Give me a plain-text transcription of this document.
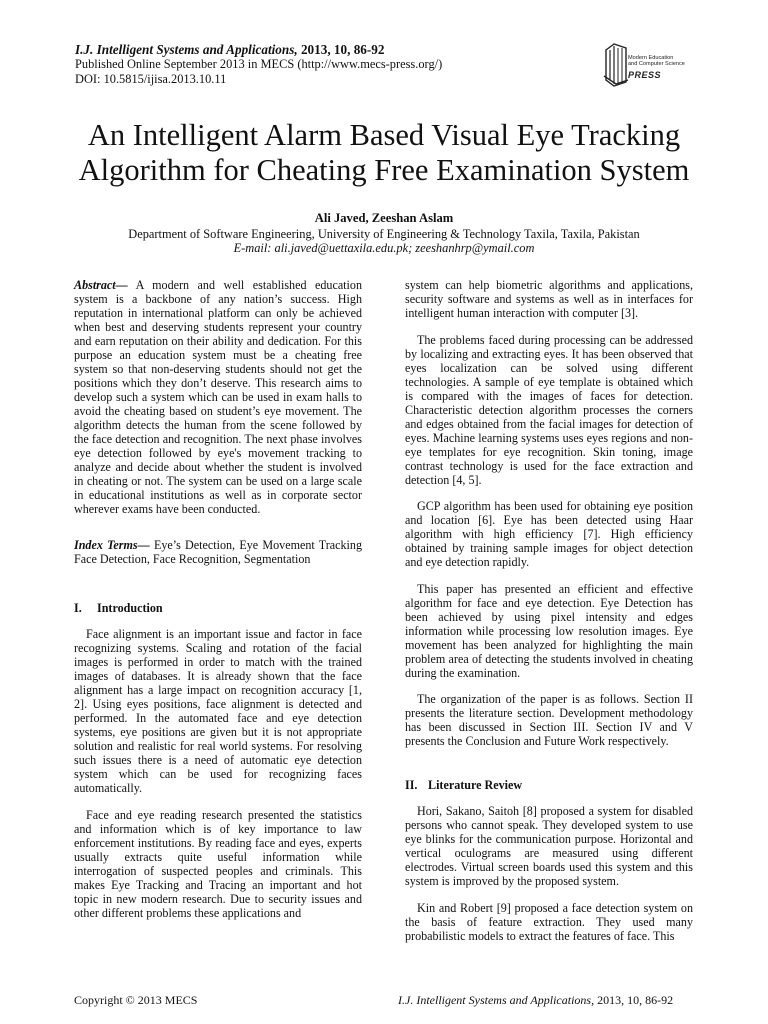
I.J. Intelligent Systems and Applications, 2013, 10, 86-92
Published Online September 2013 in MECS (http://www.mecs-press.org/)
DOI: 10.5815/ijisa.2013.10.11
Modern Education
and Computer Science
PRESS
An Intelligent Alarm Based Visual Eye Tracking
Algorithm for Cheating Free Examination System
Ali Javed, Zeeshan Aslam
Department of Software Engineering, University of Engineering & Technology Taxila, Taxila, Pakistan
E-mail: ali.javed@uettaxila.edu.pk; zeeshanhrp@ymail.com

Abstract— A modern and well established education system is a backbone of any nation’s success. High reputation in international platform can only be achieved when best and deserving students represent your country and earn reputation on their ability and dedication. For this purpose an education system must be a cheating free system so that non-deserving students should not get the positions which they don’t deserve. This research aims to develop such a system which can be used in exam halls to avoid the cheating based on student’s eye movement. The algorithm detects the human from the scene followed by the face detection and recognition. The next phase involves eye detection followed by eye's movement tracking to analyze and decide about whether the student is involved in cheating or not. The system can be used on a large scale in educational institutions as well as in corporate sector wherever exams have been conducted.

Index Terms— Eye’s Detection, Eye Movement Tracking Face Detection, Face Recognition, Segmentation

I. Introduction

Face alignment is an important issue and factor in face recognizing systems. Scaling and rotation of the facial images is performed in order to match with the trained images of databases. It is already shown that the face alignment has a large impact on recognition accuracy [1, 2]. Using eyes positions, face alignment is detected and performed. In the automated face and eye detection systems, eye positions are given but it is not appropriate solution and realistic for real world systems. For resolving such issues there is a need of automatic eye detection system which can be used for recognizing faces automatically.

Face and eye reading research presented the statistics and information which is of key importance to law enforcement institutions. By reading face and eyes, experts usually extracts quite useful information while interrogation of suspected peoples and criminals. This makes Eye Tracking and Tracing an important and hot topic in new modern research. Due to security issues and other different problems these applications and

system can help biometric algorithms and applications, security software and systems as well as in interfaces for intelligent human interaction with computer [3].

The problems faced during processing can be addressed by localizing and extracting eyes. It has been observed that eyes localization can be solved using different technologies. A sample of eye template is obtained which is compared with the images of faces for detection. Characteristic detection algorithm processes the corners and edges obtained from the facial images for detection of eyes. Machine learning systems uses eyes regions and non-eye templates for eye recognition. Skin toning, image contrast technology is used for the face extraction and detection [4, 5].

GCP algorithm has been used for obtaining eye position and location [6]. Eye has been detected using Haar algorithm with high efficiency [7]. High efficiency obtained by training sample images for object detection and eye detection rapidly.

This paper has presented an efficient and effective algorithm for face and eye detection. Eye Detection has been achieved by using pixel intensity and edges information while processing low resolution images. Eye movement has been analyzed for highlighting the main problem area of detecting the students involved in cheating during the examination.

The organization of the paper is as follows. Section II presents the literature section. Development methodology has been discussed in Section III. Section IV and V presents the Conclusion and Future Work respectively.

II. Literature Review

Hori, Sakano, Saitoh [8] proposed a system for disabled persons who cannot speak. They developed system to use eye blinks for the communication purpose. Horizontal and vertical oculograms are measured using different electrodes. Virtual screen boards used this system and this system is improved by the proposed system.

Kin and Robert [9] proposed a face detection system on the basis of feature extraction. They used many probabilistic models to extract the features of face. This

Copyright © 2013 MECS	I.J. Intelligent Systems and Applications, 2013, 10, 86-92
